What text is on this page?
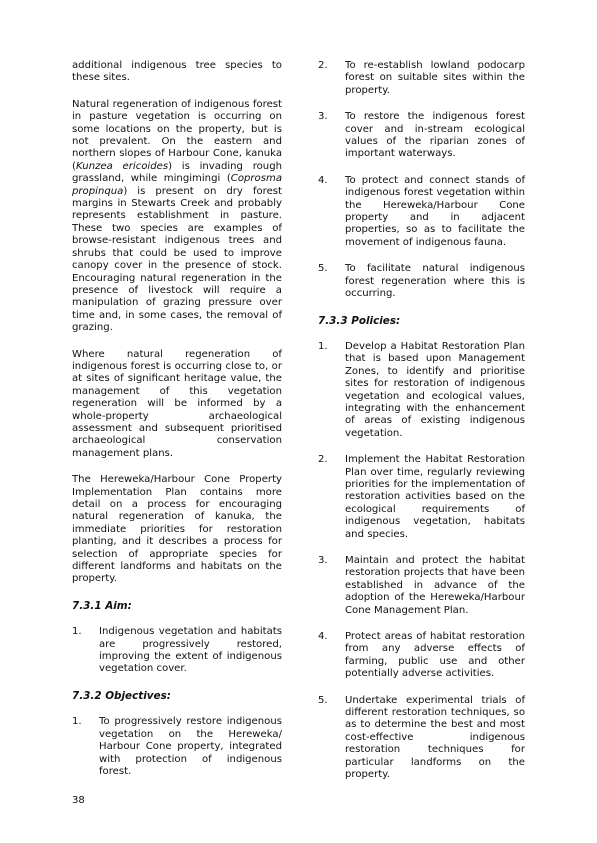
additional indigenous tree species to these sites.

Natural regeneration of indigenous forest in pasture vegetation is occurring on some locations on the property, but is not prevalent. On the eastern and northern slopes of Harbour Cone, kanuka (Kunzea ericoides) is invading rough grassland, while mingimingi (Coprosma propinqua) is present on dry forest margins in Stewarts Creek and probably represents establishment in pasture. These two species are examples of browse-resistant indigenous trees and shrubs that could be used to improve canopy cover in the presence of stock. Encouraging natural regeneration in the presence of livestock will require a manipulation of grazing pressure over time and, in some cases, the removal of grazing.

Where natural regeneration of indigenous forest is occurring close to, or at sites of significant heritage value, the management of this vegetation regeneration will be informed by a whole-property archaeological assessment and subsequent prioritised archaeological conservation management plans.

The Hereweka/Harbour Cone Property Implementation Plan contains more detail on a process for encouraging natural regeneration of kanuka, the immediate priorities for restoration planting, and it describes a process for selection of appropriate species for different landforms and habitats on the property.

7.3.1 Aim:
1.	Indigenous vegetation and habitats are progressively restored, improving the extent of indigenous vegetation cover.
7.3.2 Objectives:
1.	To progressively restore indigenous vegetation on the Hereweka/ Harbour Cone property, integrated with protection of indigenous forest.
2.	To re-establish lowland podocarp forest on suitable sites within the property.
3.	To restore the indigenous forest cover and in-stream ecological values of the riparian zones of important waterways.
4.	To protect and connect stands of indigenous forest vegetation within the Hereweka/Harbour Cone property and in adjacent properties, so as to facilitate the movement of indigenous fauna.
5.	To facilitate natural indigenous forest regeneration where this is occurring.
7.3.3 Policies:
1.	Develop a Habitat Restoration Plan that is based upon Management Zones, to identify and prioritise sites for restoration of indigenous vegetation and ecological values, integrating with the enhancement of areas of existing indigenous vegetation.
2.	Implement the Habitat Restoration Plan over time, regularly reviewing priorities for the implementation of restoration activities based on the ecological requirements of indigenous vegetation, habitats and species.
3.	Maintain and protect the habitat restoration projects that have been established in advance of the adoption of the Hereweka/Harbour Cone Management Plan.
4.	Protect areas of habitat restoration from any adverse effects of farming, public use and other potentially adverse activities.
5.	Undertake experimental trials of different restoration techniques, so as to determine the best and most cost-effective indigenous restoration techniques for particular landforms on the property.
38
